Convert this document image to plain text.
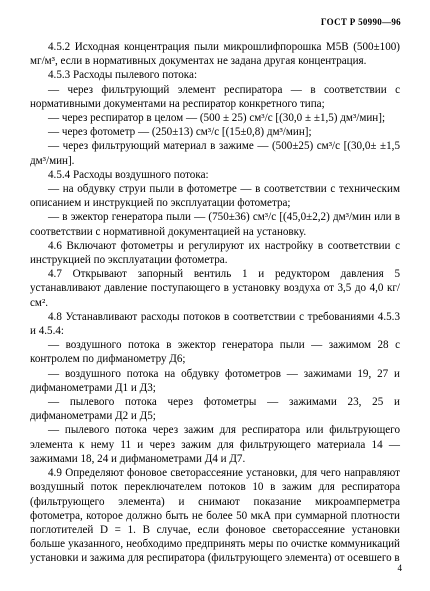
ГОСТ Р 50990—96

4.5.2 Исходная концентрация пыли микрошлифпорошка М5В (500±100) мг/м³, если в нормативных документах не задана другая концентрация.

4.5.3 Расходы пылевого потока:

— через фильтрующий элемент респиратора — в соответствии с нормативными документами на респиратор конкретного типа;

— через респиратор в целом — (500 ± 25) см³/с [(30,0 ± ±1,5) дм³/мин];

— через фотометр — (250±13) см³/с [(15±0,8) дм³/мин];

— через фильтрующий материал в зажиме — (500±25) см³/с [(30,0± ±1,5 дм³/мин].

4.5.4 Расходы воздушного потока:

— на обдувку струи пыли в фотометре — в соответствии с техническим описанием и инструкцией по эксплуатации фотометра;

— в эжектор генератора пыли — (750±36) см³/с [(45,0±2,2) дм³/мин или в соответствии с нормативной документацией на установку.

4.6 Включают фотометры и регулируют их настройку в соответствии с инструкцией по эксплуатации фотометра.

4.7 Открывают запорный вентиль 1 и редуктором давления 5 устанавливают давление поступающего в установку воздуха от 3,5 до 4,0 кг/см².

4.8 Устанавливают расходы потоков в соответствии с требованиями 4.5.3 и 4.5.4:

— воздушного потока в эжектор генератора пыли — зажимом 28 с контролем по дифманометру Д6;

— воздушного потока на обдувку фотометров — зажимами 19, 27 и дифманометрами Д1 и Д3;

— пылевого потока через фотометры — зажимами 23, 25 и дифманометрами Д2 и Д5;

— пылевого потока через зажим для респиратора или фильтрующего элемента к нему 11 и через зажим для фильтрующего материала 14 — зажимами 18, 24 и дифманометрами Д4 и Д7.

4.9 Определяют фоновое светорассеяние установки, для чего направляют воздушный поток переключателем потоков 10 в зажим для респиратора (фильтрующего элемента) и снимают показание микроамперметра фотометра, которое должно быть не более 50 мкА при суммарной плотности поглотителей D = 1. В случае, если фоновое светорассеяние установки больше указанного, необходимо предпринять меры по очистке коммуникаций установки и зажима для респиратора (фильтрующего элемента) от осевшего в

4
